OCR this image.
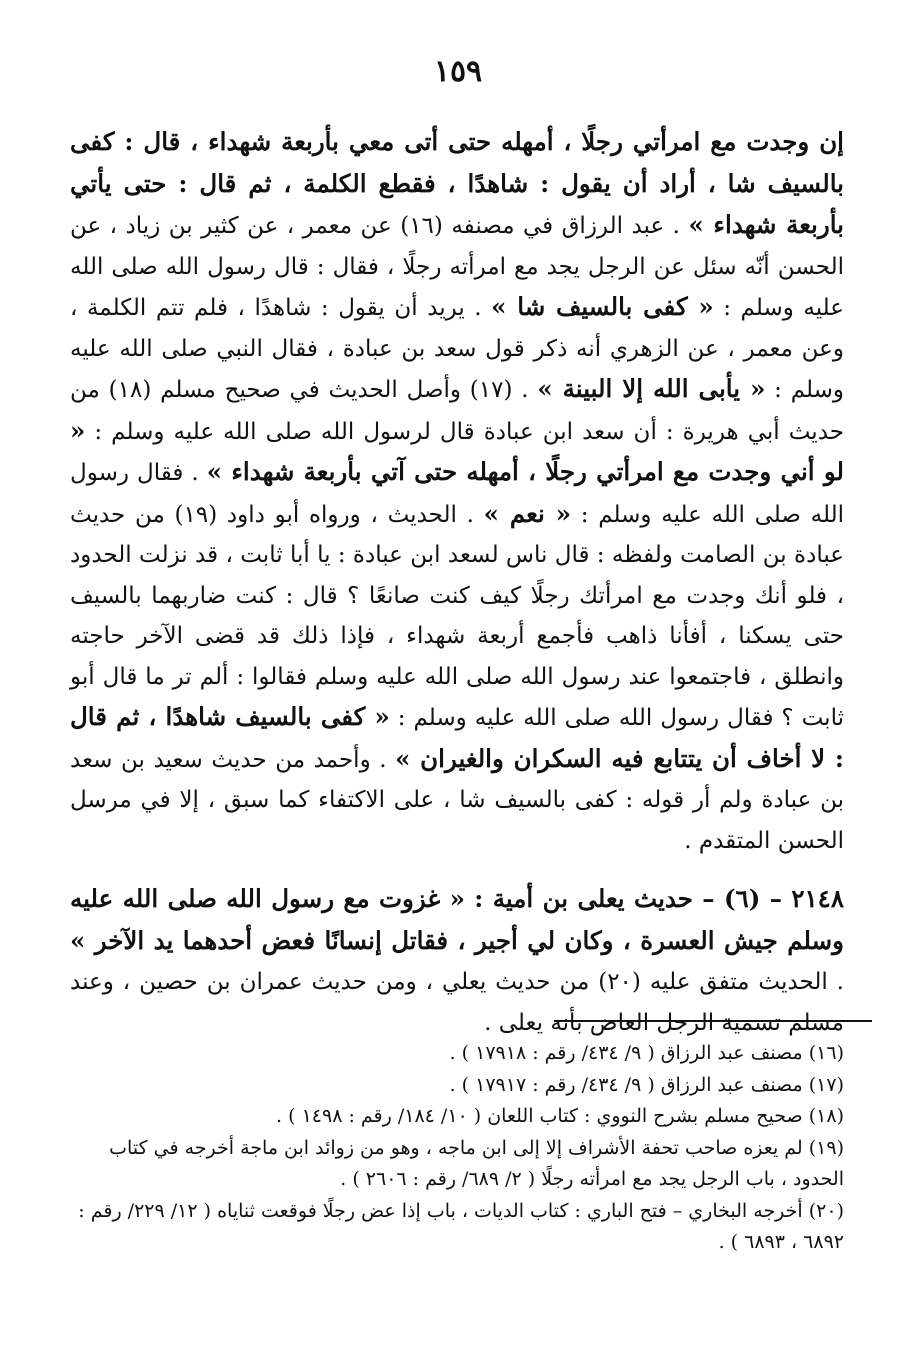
١٥٩

إن وجدت مع امرأتي رجلًا ، أمهله حتى أتى معي بأربعة شهداء ، قال : كفى بالسيف شا ، أراد أن يقول : شاهدًا ، فقطع الكلمة ، ثم قال : حتى يأتي بأربعة شهداء » . عبد الرزاق في مصنفه (١٦) عن معمر ، عن كثير بن زياد ، عن الحسن أنّه سئل عن الرجل يجد مع امرأته رجلًا ، فقال : قال رسول الله صلى الله عليه وسلم : « كفى بالسيف شا » . يريد أن يقول : شاهدًا ، فلم تتم الكلمة ، وعن معمر ، عن الزهري أنه ذكر قول سعد بن عبادة ، فقال النبي صلى الله عليه وسلم : « يأبى الله إلا البينة » . (١٧) وأصل الحديث في صحيح مسلم (١٨) من حديث أبي هريرة : أن سعد ابن عبادة قال لرسول الله صلى الله عليه وسلم : « لو أني وجدت مع امرأتي رجلًا ، أمهله حتى آتي بأربعة شهداء » . فقال رسول الله صلى الله عليه وسلم : « نعم » . الحديث ، ورواه أبو داود (١٩) من حديث عبادة بن الصامت ولفظه : قال ناس لسعد ابن عبادة : يا أبا ثابت ، قد نزلت الحدود ، فلو أنك وجدت مع امرأتك رجلًا كيف كنت صانعًا ؟ قال : كنت ضاربهما بالسيف حتى يسكنا ، أفأنا ذاهب فأجمع أربعة شهداء ، فإذا ذلك قد قضى الآخر حاجته وانطلق ، فاجتمعوا عند رسول الله صلى الله عليه وسلم فقالوا : ألم تر ما قال أبو ثابت ؟ فقال رسول الله صلى الله عليه وسلم : « كفى بالسيف شاهدًا ، ثم قال : لا أخاف أن يتتابع فيه السكران والغيران » . وأحمد من حديث سعيد بن سعد بن عبادة ولم أر قوله : كفى بالسيف شا ، على الاكتفاء كما سبق ، إلا في مرسل الحسن المتقدم .

٢١٤٨ – (٦) – حديث يعلى بن أمية : « غزوت مع رسول الله صلى الله عليه وسلم جيش العسرة ، وكان لي أجير ، فقاتل إنسانًا فعض أحدهما يد الآخر » . الحديث متفق عليه (٢٠) من حديث يعلي ، ومن حديث عمران بن حصين ، وعند مسلم تسمية الرجل العاض بأنه يعلى .

(١٦) مصنف عبد الرزاق ( ٩/ ٤٣٤/ رقم : ١٧٩١٨ ) .

(١٧) مصنف عبد الرزاق ( ٩/ ٤٣٤/ رقم : ١٧٩١٧ ) .

(١٨) صحيح مسلم بشرح النووي : كتاب اللعان ( ١٠/ ١٨٤/ رقم : ١٤٩٨ ) .

(١٩) لم يعزه صاحب تحفة الأشراف إلا إلى ابن ماجه ، وهو من زوائد ابن ماجة أخرجه في كتاب الحدود ، باب الرجل يجد مع امرأته رجلًا ( ٢/ ٦٨٩/ رقم : ٢٦٠٦ ) .

(٢٠) أخرجه البخاري – فتح الباري : كتاب الديات ، باب إذا عض رجلًا فوقعت ثناياه ( ١٢/ ٢٢٩/ رقم : ٦٨٩٢ ، ٦٨٩٣ ) .
